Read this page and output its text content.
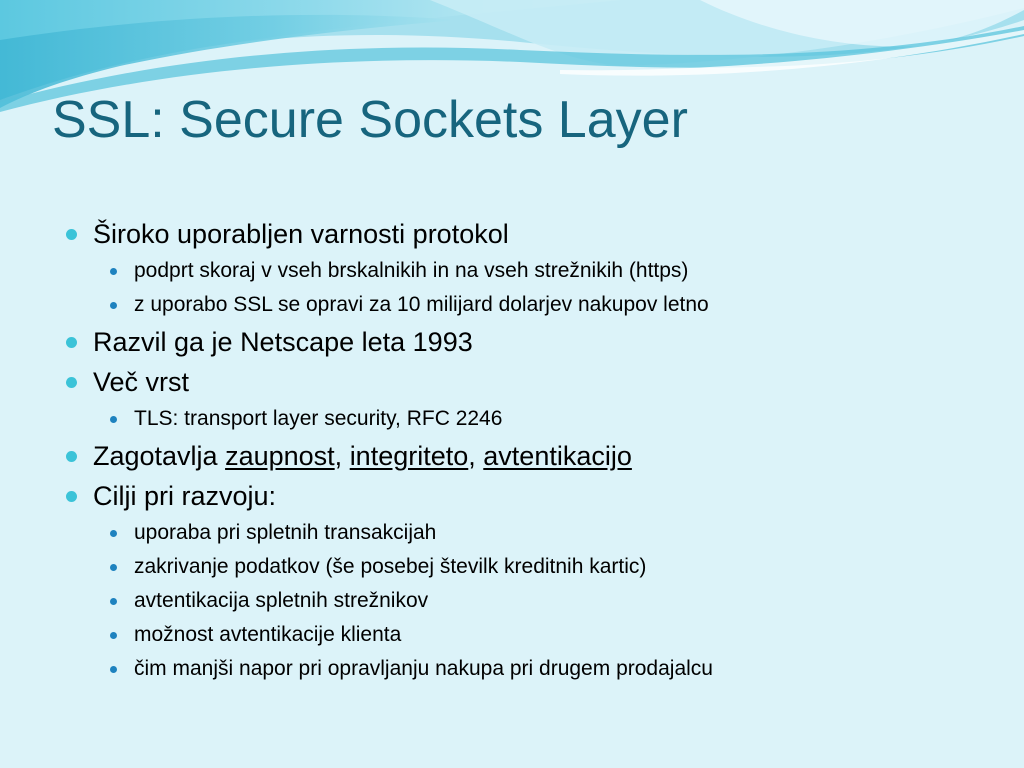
SSL: Secure Sockets Layer
Široko uporabljen varnosti protokol
podprt skoraj v vseh brskalnikih in na vseh strežnikih (https)
z uporabo SSL se opravi za 10 milijard dolarjev nakupov letno
Razvil ga je Netscape leta 1993
Več vrst
TLS: transport layer security, RFC 2246
Zagotavlja zaupnost, integriteto, avtentikacijo
Cilji pri razvoju:
uporaba pri spletnih transakcijah
zakrivanje podatkov (še posebej številk kreditnih kartic)
avtentikacija spletnih strežnikov
možnost avtentikacije klienta
čim manjši napor pri opravljanju nakupa pri drugem prodajalcu
